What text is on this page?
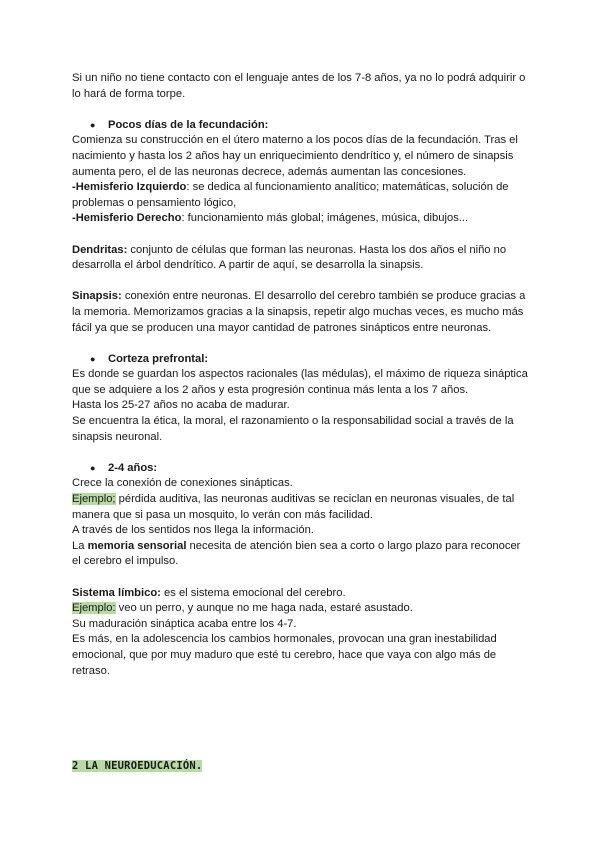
Si un niño no tiene contacto con el lenguaje antes de los 7-8 años, ya no lo podrá adquirir o lo hará de forma torpe.

●	Pocos días de la fecundación:

Comienza su construcción en el útero materno a los pocos días de la fecundación. Tras el nacimiento y hasta los 2 años hay un enriquecimiento dendrítico y, el número de sinapsis aumenta pero, el de las neuronas decrece, además aumentan las concesiones.

-Hemisferio Izquierdo: se dedica al funcionamiento analítico; matemáticas, solución de problemas o pensamiento lógico,

-Hemisferio Derecho: funcionamiento más global; imágenes, música, dibujos...

Dendritas: conjunto de células que forman las neuronas. Hasta los dos años el niño no desarrolla el árbol dendrítico. A partir de aquí, se desarrolla la sinapsis.

Sinapsis: conexión entre neuronas. El desarrollo del cerebro también se produce gracias a la memoria. Memorizamos gracias a la sinapsis, repetir algo muchas veces, es mucho más fácil ya que se producen una mayor cantidad de patrones sinápticos entre neuronas.

●	Corteza prefrontal:

Es donde se guardan los aspectos racionales (las médulas), el máximo de riqueza sináptica que se adquiere a los 2 años y esta progresión continua más lenta a los 7 años.

Hasta los 25-27 años no acaba de madurar.

Se encuentra la ética, la moral, el razonamiento o la responsabilidad social a través de la sinapsis neuronal.

●	2-4 años:

Crece la conexión de conexiones sinápticas.

Ejemplo; pérdida auditiva, las neuronas auditivas se reciclan en neuronas visuales, de tal manera que si pasa un mosquito, lo verán con más facilidad.

A través de los sentidos nos llega la información.

La memoria sensorial necesita de atención bien sea a corto o largo plazo para reconocer el cerebro el impulso.

Sistema límbico: es el sistema emocional del cerebro.

Ejemplo: veo un perro, y aunque no me haga nada, estaré asustado.

Su maduración sináptica acaba entre los 4-7.

Es más, en la adolescencia los cambios hormonales, provocan una gran inestabilidad emocional, que por muy maduro que esté tu cerebro, hace que vaya con algo más de retraso.

2 LA NEUROEDUCACIÓN.
